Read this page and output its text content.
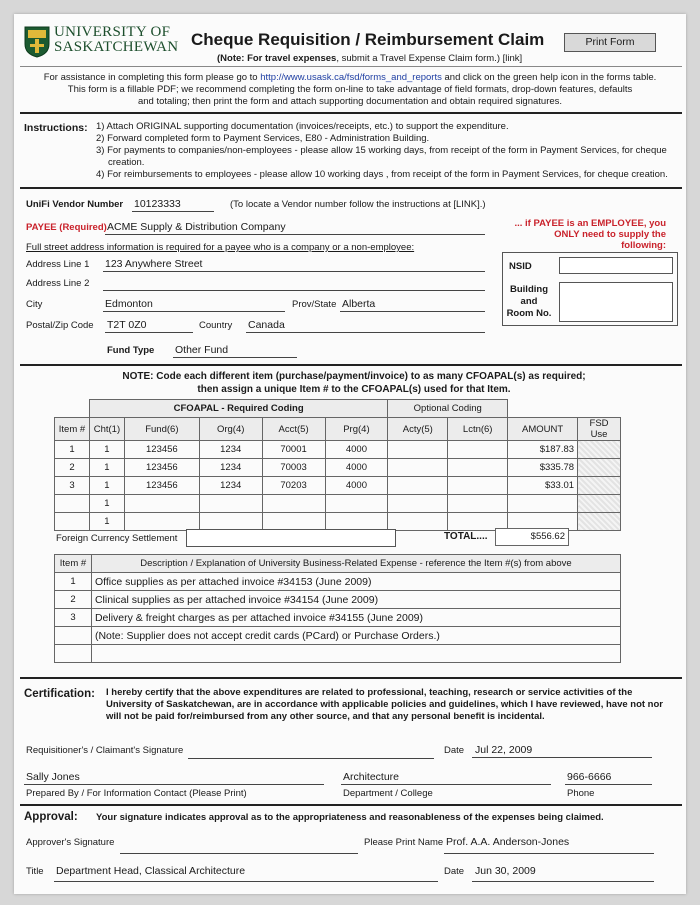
UNIVERSITY OF
SASKATCHEWAN Cheque Requisition / Reimbursement Claim
(Note: For travel expenses, submit a Travel Expense Claim form.) [link]
Print Form
For assistance in completing this form please go to http://www.usask.ca/fsd/forms_and_reports and click on the green help icon in the forms table.
This form is a fillable PDF; we recommend completing the form on-line to take advantage of field formats, drop-down features, defaults
and totaling; then print the form and attach supporting documentation and obtain required signatures.
Instructions: 1) Attach ORIGINAL supporting documentation (invoices/receipts, etc.) to support the expenditure.
2) Forward completed form to Payment Services, E80 - Administration Building.
3) For payments to companies/non-employees - please allow 15 working days, from receipt of the form in Payment Services, for cheque creation.
4) For reimbursements to employees - please allow 10 working days , from receipt of the form in Payment Services, for cheque creation.
UniFi Vendor Number 10123333	(To locate a Vendor number follow the instructions at [LINK].)
PAYEE (Required) ACME Supply & Distribution Company	... if PAYEE is an EMPLOYEE, you
ONLY need to supply the following:
Full street address information is required for a payee who is a company or a non-employee:
Address Line 1 123 Anywhere Street
Address Line 2
City	Edmonton	Prov/State Alberta
Postal/Zip Code T2T 0Z0	Country Canada
Fund Type Other Fund
NSID
Building
and
Room No.
NOTE: Code each different item (purchase/payment/invoice) to as many CFOAPAL(s) as required;
then assign a unique Item # to the CFOAPAL(s) used for that Item.
	CFOAPAL - Required Coding					Optional Coding			
Item #	Cht(1)	Fund(6)	Org(4)	Acct(5)	Prg(4)	Acty(5)	Lctn(6)	AMOUNT	FSD Use
1	1	123456	1234	70001	4000			$187.83	
2	1	123456	1234	70003	4000			$335.78	
3	1	123456	1234	70203	4000			$33.01	
	1								
	1								
Foreign Currency Settlement	TOTAL....	$556.62
Item #	Description / Explanation of University Business-Related Expense - reference the Item #(s) from above
1	Office supplies as per attached invoice #34153 (June 2009)
2	Clinical supplies as per attached invoice #34154 (June 2009)
3	Delivery & freight charges as per attached invoice #34155 (June 2009)
	(Note: Supplier does not accept credit cards (PCard) or Purchase Orders.)

Certification: I hereby certify that the above expenditures are related to professional, teaching, research or service activities of the University of Saskatchewan, are in accordance with applicable policies and guidelines, which I have reviewed, have not nor will not be paid for/reimbursed from any other source, and that any personal benefit is incidental.
Requisitioner's / Claimant's Signature	Date Jul 22, 2009
Sally Jones	Architecture	966-6666
Prepared By / For Information Contact (Please Print)	Department / College	Phone
Approval: Your signature indicates approval as to the appropriateness and reasonableness of the expenses being claimed.
Approver's Signature	Please Print Name Prof. A.A. Anderson-Jones
Title Department Head, Classical Architecture	Date Jun 30, 2009
